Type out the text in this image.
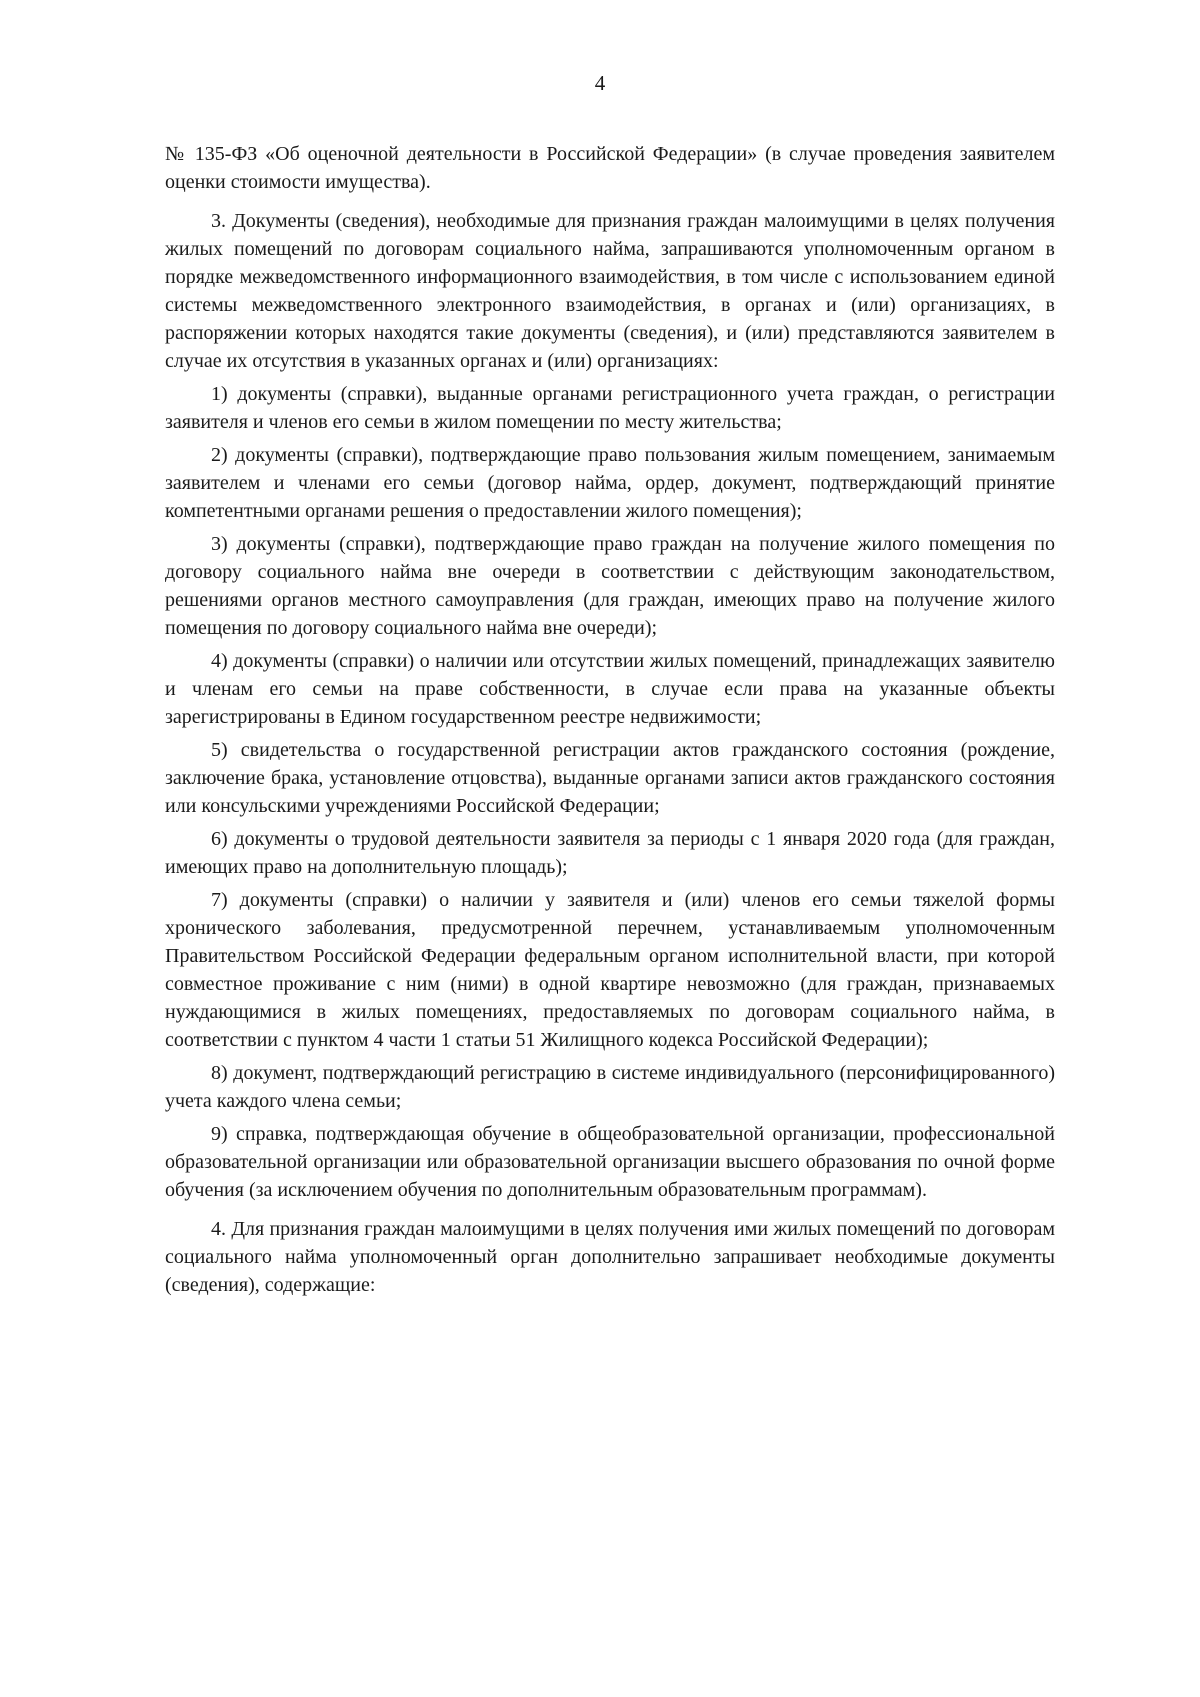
4

№ 135-ФЗ «Об оценочной деятельности в Российской Федерации» (в случае проведения заявителем оценки стоимости имущества).

3. Документы (сведения), необходимые для признания граждан малоимущими в целях получения жилых помещений по договорам социального найма, запрашиваются уполномоченным органом в порядке межведомственного информационного взаимодействия, в том числе с использованием единой системы межведомственного электронного взаимодействия, в органах и (или) организациях, в распоряжении которых находятся такие документы (сведения), и (или) представляются заявителем в случае их отсутствия в указанных органах и (или) организациях:

1) документы (справки), выданные органами регистрационного учета граждан, о регистрации заявителя и членов его семьи в жилом помещении по месту жительства;

2) документы (справки), подтверждающие право пользования жилым помещением, занимаемым заявителем и членами его семьи (договор найма, ордер, документ, подтверждающий принятие компетентными органами решения о предоставлении жилого помещения);

3) документы (справки), подтверждающие право граждан на получение жилого помещения по договору социального найма вне очереди в соответствии с действующим законодательством, решениями органов местного самоуправления (для граждан, имеющих право на получение жилого помещения по договору социального найма вне очереди);

4) документы (справки) о наличии или отсутствии жилых помещений, принадлежащих заявителю и членам его семьи на праве собственности, в случае если права на указанные объекты зарегистрированы в Едином государственном реестре недвижимости;

5) свидетельства о государственной регистрации актов гражданского состояния (рождение, заключение брака, установление отцовства), выданные органами записи актов гражданского состояния или консульскими учреждениями Российской Федерации;

6) документы о трудовой деятельности заявителя за периоды с 1 января 2020 года (для граждан, имеющих право на дополнительную площадь);

7) документы (справки) о наличии у заявителя и (или) членов его семьи тяжелой формы хронического заболевания, предусмотренной перечнем, устанавливаемым уполномоченным Правительством Российской Федерации федеральным органом исполнительной власти, при которой совместное проживание с ним (ними) в одной квартире невозможно (для граждан, признаваемых нуждающимися в жилых помещениях, предоставляемых по договорам социального найма, в соответствии с пунктом 4 части 1 статьи 51 Жилищного кодекса Российской Федерации);

8) документ, подтверждающий регистрацию в системе индивидуального (персонифицированного) учета каждого члена семьи;

9) справка, подтверждающая обучение в общеобразовательной организации, профессиональной образовательной организации или образовательной организации высшего образования по очной форме обучения (за исключением обучения по дополнительным образовательным программам).

4. Для признания граждан малоимущими в целях получения ими жилых помещений по договорам социального найма уполномоченный орган дополнительно запрашивает необходимые документы (сведения), содержащие:
